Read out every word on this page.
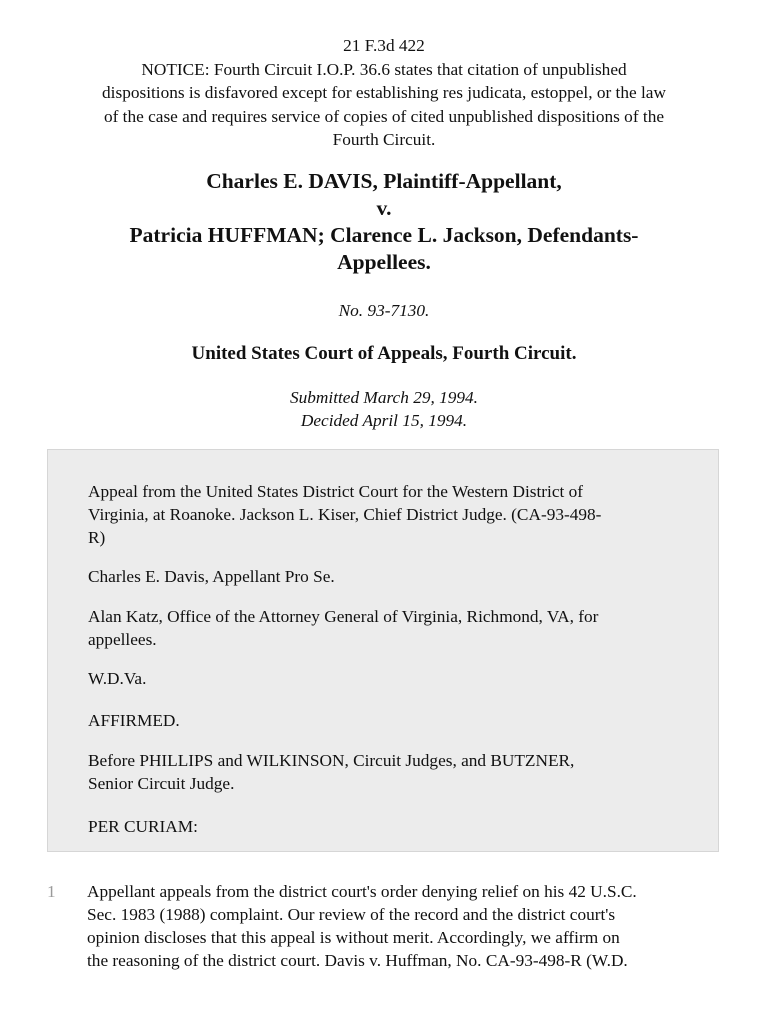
21 F.3d 422
NOTICE: Fourth Circuit I.O.P. 36.6 states that citation of unpublished
dispositions is disfavored except for establishing res judicata, estoppel, or the law
of the case and requires service of copies of cited unpublished dispositions of the
Fourth Circuit.
Charles E. DAVIS, Plaintiff-Appellant,
v.
Patricia HUFFMAN; Clarence L. Jackson, Defendants-
Appellees.
No. 93-7130.
United States Court of Appeals, Fourth Circuit.
Submitted March 29, 1994.
Decided April 15, 1994.
Appeal from the United States District Court for the Western District of
Virginia, at Roanoke. Jackson L. Kiser, Chief District Judge. (CA-93-498-
R)
Charles E. Davis, Appellant Pro Se.
Alan Katz, Office of the Attorney General of Virginia, Richmond, VA, for
appellees.
W.D.Va.
AFFIRMED.
Before PHILLIPS and WILKINSON, Circuit Judges, and BUTZNER,
Senior Circuit Judge.
PER CURIAM:
1 Appellant appeals from the district court's order denying relief on his 42 U.S.C.
Sec. 1983 (1988) complaint. Our review of the record and the district court's
opinion discloses that this appeal is without merit. Accordingly, we affirm on
the reasoning of the district court. Davis v. Huffman, No. CA-93-498-R (W.D.
